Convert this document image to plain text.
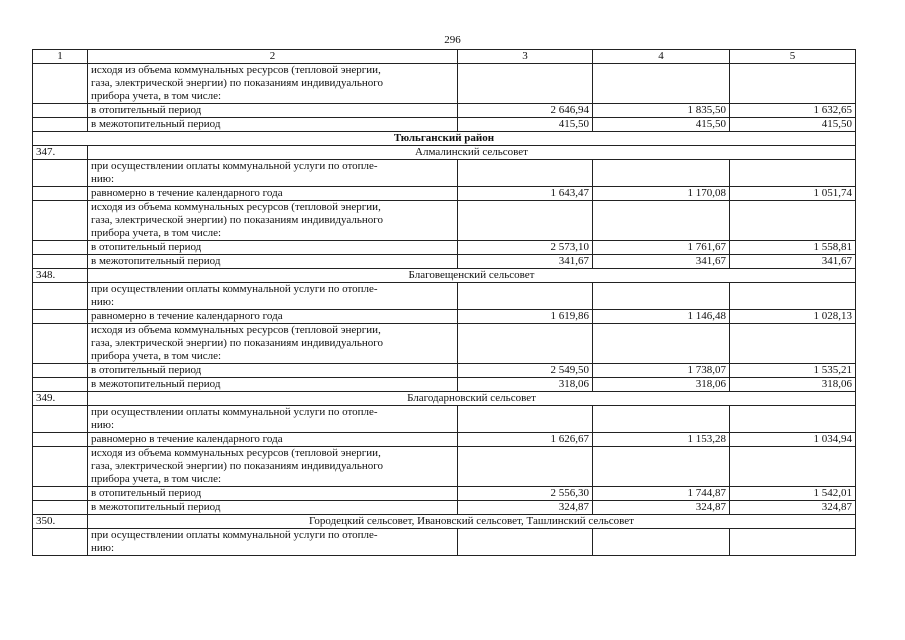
296
1	2	3	4	5
	исходя из объема коммунальных ресурсов (тепловой энергии,
газа, электрической энергии) по показаниям индивидуального
прибора учета, в том числе:			
	в отопительный период	2 646,94	1 835,50	1 632,65
	в межотопительный период	415,50	415,50	415,50
Тюльганский район				
347.	Алмалинский сельсовет			
	при осуществлении оплаты коммунальной услуги по отопле-
нию:			
	равномерно в течение календарного года	1 643,47	1 170,08	1 051,74
	исходя из объема коммунальных ресурсов (тепловой энергии,
газа, электрической энергии) по показаниям индивидуального
прибора учета, в том числе:			
	в отопительный период	2 573,10	1 761,67	1 558,81
	в межотопительный период	341,67	341,67	341,67
348.	Благовещенский сельсовет			
	при осуществлении оплаты коммунальной услуги по отопле-
нию:			
	равномерно в течение календарного года	1 619,86	1 146,48	1 028,13
	исходя из объема коммунальных ресурсов (тепловой энергии,
газа, электрической энергии) по показаниям индивидуального
прибора учета, в том числе:			
	в отопительный период	2 549,50	1 738,07	1 535,21
	в межотопительный период	318,06	318,06	318,06
349.	Благодарновский сельсовет			
	при осуществлении оплаты коммунальной услуги по отопле-
нию:			
	равномерно в течение календарного года	1 626,67	1 153,28	1 034,94
	исходя из объема коммунальных ресурсов (тепловой энергии,
газа, электрической энергии) по показаниям индивидуального
прибора учета, в том числе:			
	в отопительный период	2 556,30	1 744,87	1 542,01
	в межотопительный период	324,87	324,87	324,87
350.	Городецкий сельсовет, Ивановский сельсовет, Ташлинский сельсовет			
	при осуществлении оплаты коммунальной услуги по отопле-
нию:			
